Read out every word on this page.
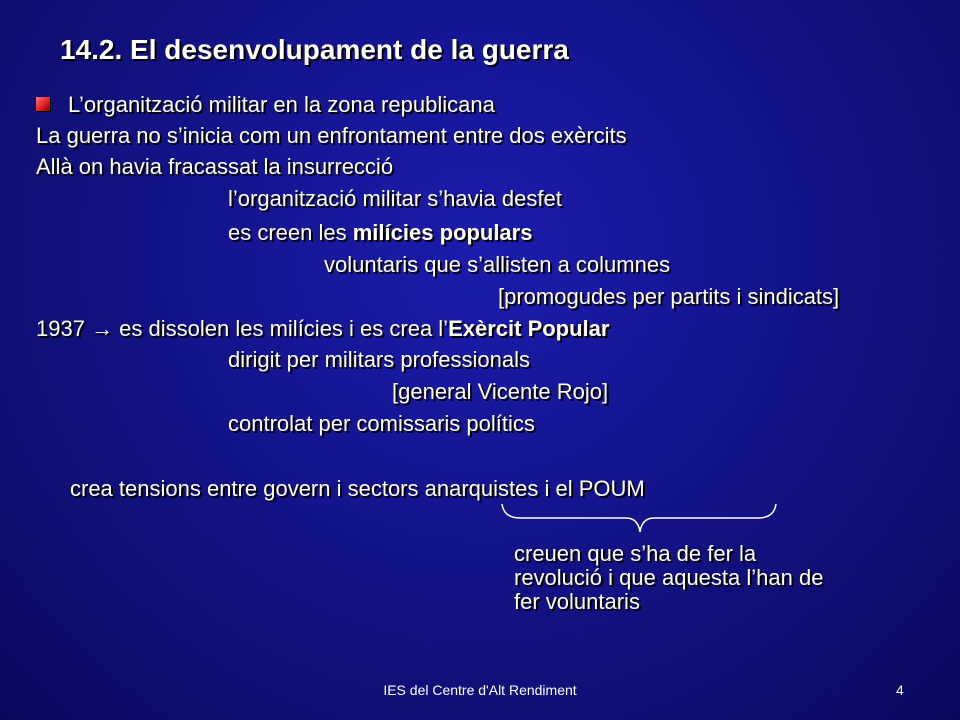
14.2. El desenvolupament de la guerra
L’organització militar en la zona republicana
La guerra no s’inicia com un enfrontament entre dos exèrcits
Allà on havia fracassat la insurrecció
l’organització militar s’havia desfet
es creen les milícies populars
voluntaris que s’allisten a columnes
[promogudes per partits i sindicats]
1937 → es dissolen les milícies i es crea l’Exèrcit Popular
dirigit per militars professionals
[general Vicente Rojo]
controlat per comissaris polítics
crea tensions entre govern i sectors anarquistes i el POUM
creuen que s’ha de fer la
revolució i que aquesta l’han de
fer voluntaris
IES del Centre d'Alt Rendiment	4
